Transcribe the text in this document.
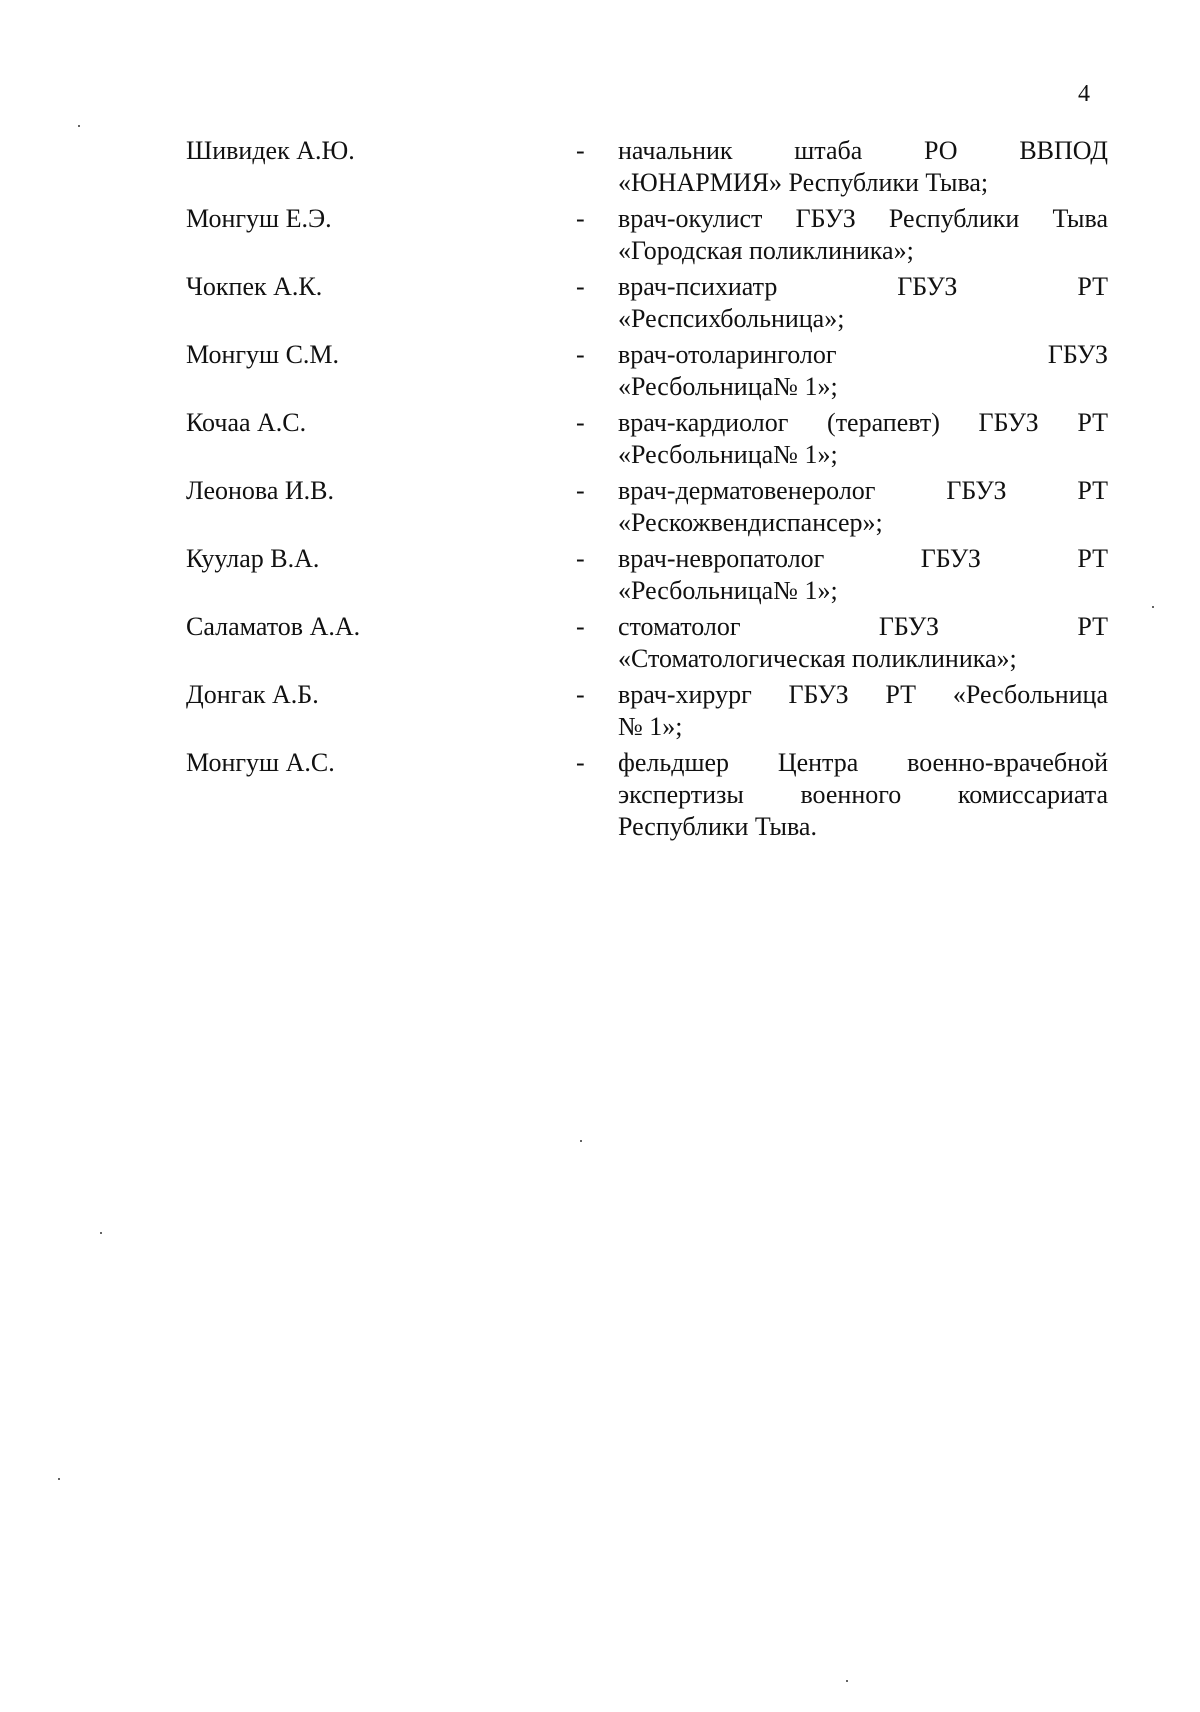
4
Шивидек А.Ю.	-	начальник штаба РО ВВПОД
«ЮНАРМИЯ» Республики Тыва;
Монгуш Е.Э.	-	врач-окулист ГБУЗ Республики Тыва
«Городская поликлиника»;
Чокпек А.К.	-	врач-психиатр ГБУЗ РТ
«Респсихбольница»;
Монгуш С.М.	-	врач-отоларинголог ГБУЗ
«Ресбольница№ 1»;
Кочаа А.С.	-	врач-кардиолог (терапевт) ГБУЗ РТ
«Ресбольница№ 1»;
Леонова И.В.	-	врач-дерматовенеролог ГБУЗ РТ
«Рескожвендиспансер»;
Куулар В.А.	-	врач-невропатолог ГБУЗ РТ
«Ресбольница№ 1»;
Саламатов А.А.	-	стоматолог ГБУЗ РТ
«Стоматологическая поликлиника»;
Донгак А.Б.	-	врач-хирург ГБУЗ РТ «Ресбольница
№ 1»;
Монгуш А.С.	-	фельдшер Центра военно-врачебной
экспертизы военного комиссариата
Республики Тыва.
